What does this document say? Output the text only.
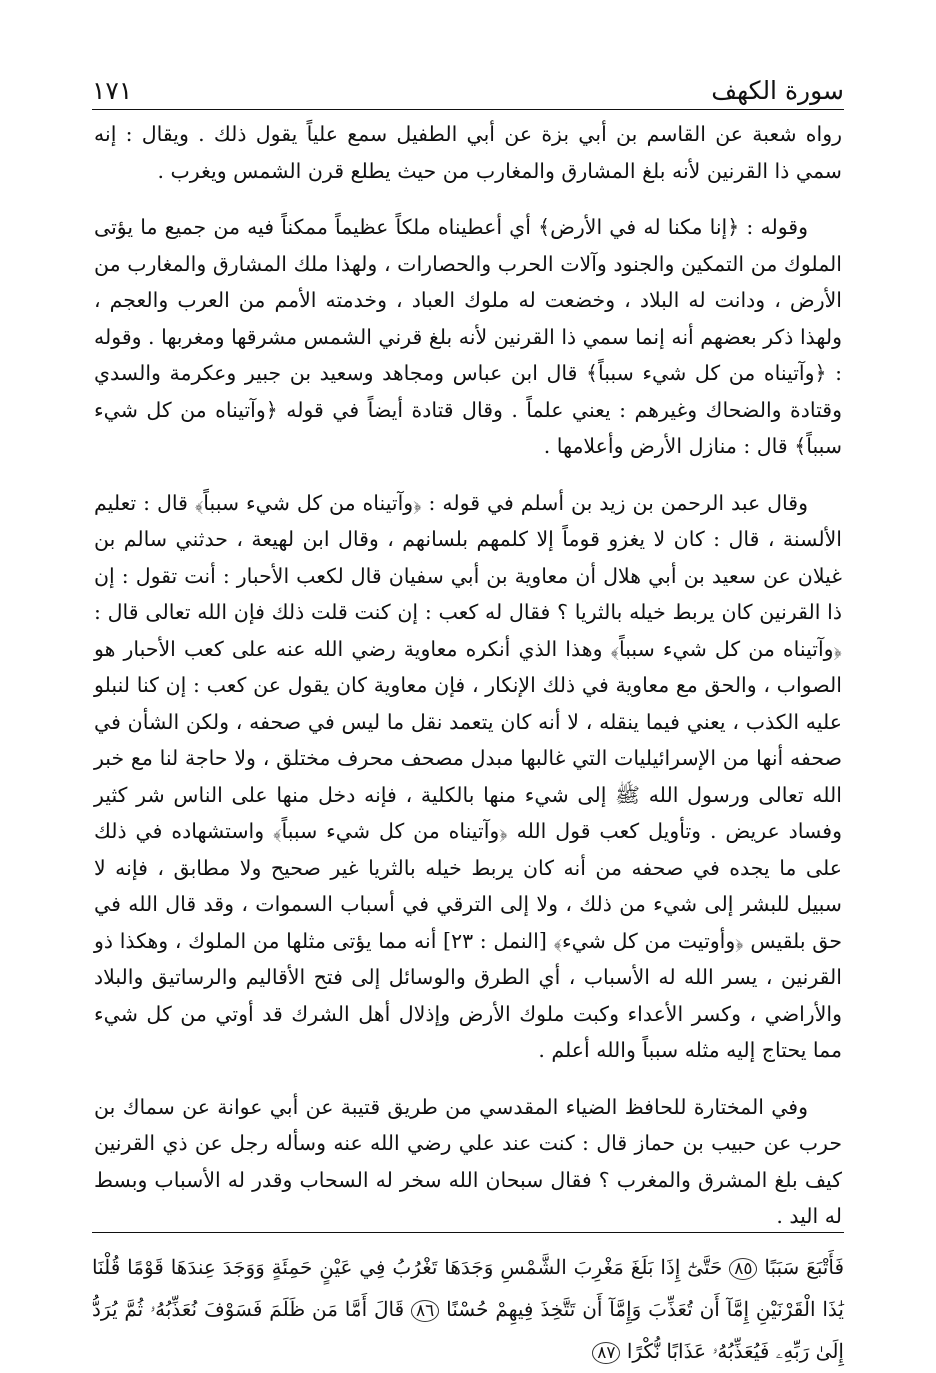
سورة الكهف
١٧١

رواه شعبة عن القاسم بن أبي بزة عن أبي الطفيل سمع علياً يقول ذلك . ويقال : إنه سمي ذا القرنين لأنه بلغ المشارق والمغارب من حيث يطلع قرن الشمس ويغرب .

وقوله : ﴿إنا مكنا له في الأرض﴾ أي أعطيناه ملكاً عظيماً ممكناً فيه من جميع ما يؤتى الملوك من التمكين والجنود وآلات الحرب والحصارات ، ولهذا ملك المشارق والمغارب من الأرض ، ودانت له البلاد ، وخضعت له ملوك العباد ، وخدمته الأمم من العرب والعجم ، ولهذا ذكر بعضهم أنه إنما سمي ذا القرنين لأنه بلغ قرني الشمس مشرقها ومغربها . وقوله : ﴿وآتيناه من كل شيء سبباً﴾ قال ابن عباس ومجاهد وسعيد بن جبير وعكرمة والسدي وقتادة والضحاك وغيرهم : يعني علماً . وقال قتادة أيضاً في قوله ﴿وآتيناه من كل شيء سبباً﴾ قال : منازل الأرض وأعلامها .

وقال عبد الرحمن بن زيد بن أسلم في قوله : ﴿وآتيناه من كل شيء سبباً﴾ قال : تعليم الألسنة ، قال : كان لا يغزو قوماً إلا كلمهم بلسانهم ، وقال ابن لهيعة ، حدثني سالم بن غيلان عن سعيد بن أبي هلال أن معاوية بن أبي سفيان قال لكعب الأحبار : أنت تقول : إن ذا القرنين كان يربط خيله بالثريا ؟ فقال له كعب : إن كنت قلت ذلك فإن الله تعالى قال : ﴿وآتيناه من كل شيء سبباً﴾ وهذا الذي أنكره معاوية رضي الله عنه على كعب الأحبار هو الصواب ، والحق مع معاوية في ذلك الإنكار ، فإن معاوية كان يقول عن كعب : إن كنا لنبلو عليه الكذب ، يعني فيما ينقله ، لا أنه كان يتعمد نقل ما ليس في صحفه ، ولكن الشأن في صحفه أنها من الإسرائيليات التي غالبها مبدل مصحف محرف مختلق ، ولا حاجة لنا مع خبر الله تعالى ورسول الله ﷺ إلى شيء منها بالكلية ، فإنه دخل منها على الناس شر كثير وفساد عريض . وتأويل كعب قول الله ﴿وآتيناه من كل شيء سبباً﴾ واستشهاده في ذلك على ما يجده في صحفه من أنه كان يربط خيله بالثريا غير صحيح ولا مطابق ، فإنه لا سبيل للبشر إلى شيء من ذلك ، ولا إلى الترقي في أسباب السموات ، وقد قال الله في حق بلقيس ﴿وأوتيت من كل شيء﴾ [النمل : ٢٣] أنه مما يؤتى مثلها من الملوك ، وهكذا ذو القرنين ، يسر الله له الأسباب ، أي الطرق والوسائل إلى فتح الأقاليم والرساتيق والبلاد والأراضي ، وكسر الأعداء وكبت ملوك الأرض وإذلال أهل الشرك قد أوتي من كل شيء مما يحتاج إليه مثله سبباً والله أعلم .

وفي المختارة للحافظ الضياء المقدسي من طريق قتيبة عن أبي عوانة عن سماك بن حرب عن حبيب بن حماز قال : كنت عند علي رضي الله عنه وسأله رجل عن ذي القرنين كيف بلغ المشرق والمغرب ؟ فقال سبحان الله سخر له السحاب وقدر له الأسباب وبسط له اليد .

فَأَتْبَعَ سَبَبًا ٨٥ حَتَّىٰٓ إِذَا بَلَغَ مَغْرِبَ الشَّمْسِ وَجَدَهَا تَغْرُبُ فِي عَيْنٍ حَمِئَةٍ وَوَجَدَ عِندَهَا قَوْمًا قُلْنَا يَٰذَا الْقَرْنَيْنِ إِمَّآ أَن تُعَذِّبَ وَإِمَّآ أَن تَتَّخِذَ فِيهِمْ حُسْنًا ٨٦ قَالَ أَمَّا مَن ظَلَمَ فَسَوْفَ نُعَذِّبُهُۥ ثُمَّ يُرَدُّ إِلَىٰ رَبِّهِۦ فَيُعَذِّبُهُۥ عَذَابًا نُّكْرًا ٨٧
